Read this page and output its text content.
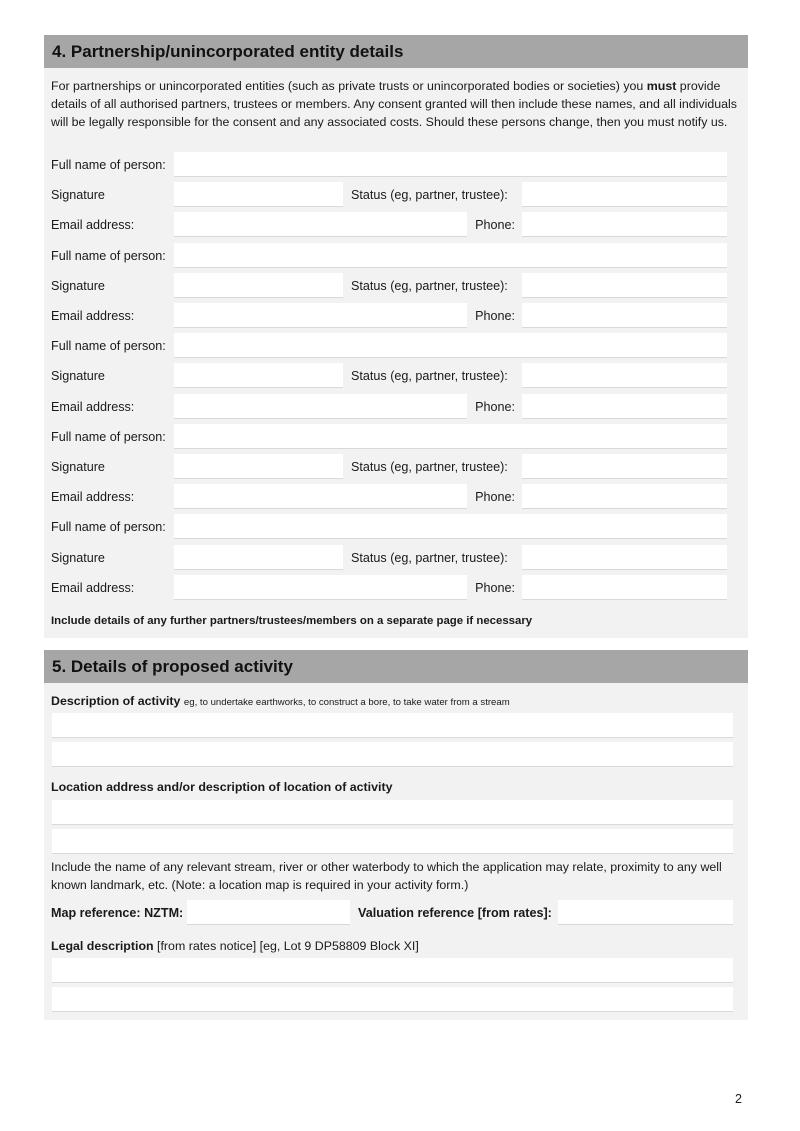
4. Partnership/unincorporated entity details
For partnerships or unincorporated entities (such as private trusts or unincorporated bodies or societies) you must provide details of all authorised partners, trustees or members. Any consent granted will then include these names, and all individuals will be legally responsible for the consent and any associated costs. Should these persons change, then you must notify us.
Full name of person:
Signature	Status (eg, partner, trustee):
Email address:	Phone:
Full name of person:
Signature	Status (eg, partner, trustee):
Email address:	Phone:
Full name of person:
Signature	Status (eg, partner, trustee):
Email address:	Phone:
Full name of person:
Signature	Status (eg, partner, trustee):
Email address:	Phone:
Full name of person:
Signature	Status (eg, partner, trustee):
Email address:	Phone:
Include details of any further partners/trustees/members on a separate page if necessary
5. Details of proposed activity
Description of activity eg, to undertake earthworks, to construct a bore, to take water from a stream
Location address and/or description of location of activity
Include the name of any relevant stream, river or other waterbody to which the application may relate, proximity to any well known landmark, etc. (Note: a location map is required in your activity form.)
Map reference: NZTM:	Valuation reference [from rates]:
Legal description [from rates notice] [eg, Lot 9 DP58809 Block XI]
2
